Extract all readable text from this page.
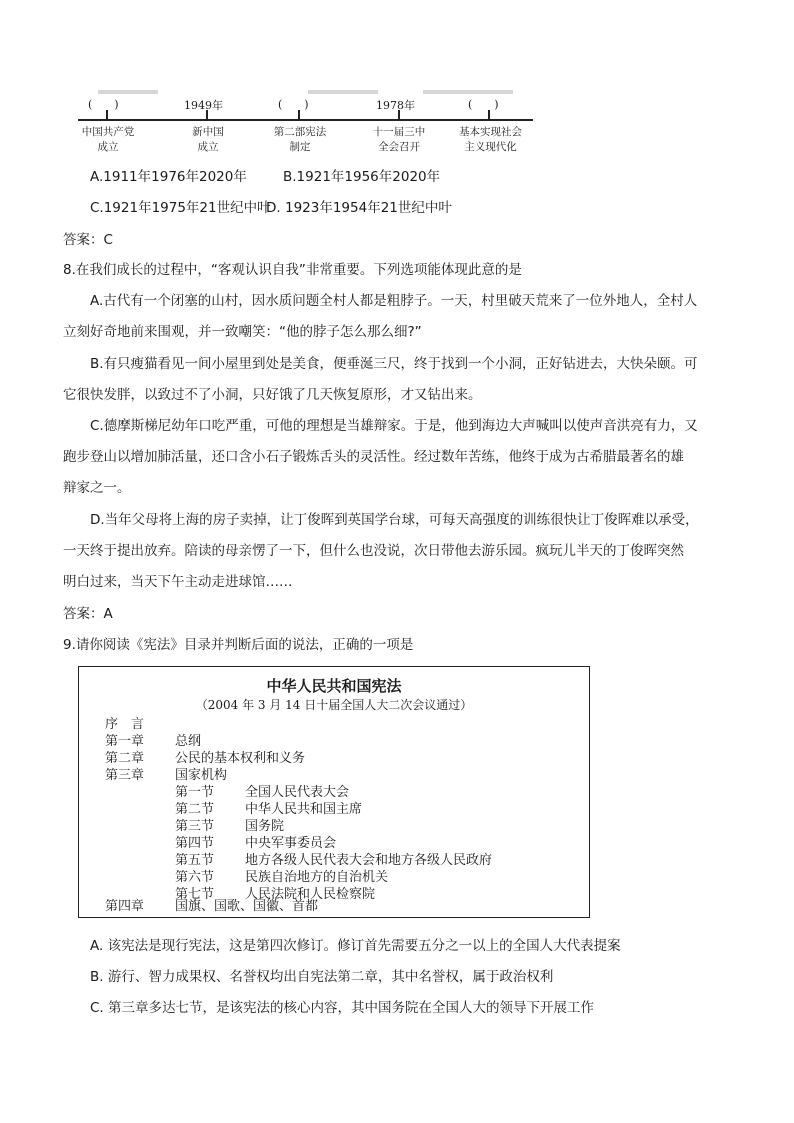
(　　)	1949年	(　　)	1978年	(　　)
中国共产党
成立
新中国
成立
第二部宪法
制定
十一届三中
全会召开
基本实现社会
主义现代化
A.1911年1976年2020年	B.1921年1956年2020年
C.1921年1975年21世纪中叶
D. 1923年1954年21世纪中叶
答案：C
8.在我们成长的过程中，“客观认识自我”非常重要。下列选项能体现此意的是
A.古代有一个闭塞的山村，因水质问题全村人都是粗脖子。一天，村里破天荒来了一位外地人，全村人
立刻好奇地前来围观，并一致嘲笑：“他的脖子怎么那么细?”
B.有只瘦猫看见一间小屋里到处是美食，便垂涎三尺，终于找到一个小洞，正好钻进去，大快朵颐。可
它很快发胖，以致过不了小洞，只好饿了几天恢复原形，才又钻出来。
C.德摩斯梯尼幼年口吃严重，可他的理想是当雄辩家。于是，他到海边大声喊叫以使声音洪亮有力，又
跑步登山以增加肺活量，还口含小石子锻炼舌头的灵活性。经过数年苦练，他终于成为古希腊最著名的雄
辩家之一。
D.当年父母将上海的房子卖掉，让丁俊晖到英国学台球，可每天高强度的训练很快让丁俊晖难以承受，
一天终于提出放弃。陪读的母亲愣了一下，但什么也没说，次日带他去游乐园。疯玩儿半天的丁俊晖突然
明白过来，当天下午主动走进球馆……
答案：A
9.请你阅读《宪法》目录并判断后面的说法，正确的一项是
中华人民共和国宪法
（2004 年 3 月 14 日十届全国人大二次会议通过）
序　言
第一章 总纲
第二章 公民的基本权利和义务
第三章 国家机构
第一节 全国人民代表大会
第二节 中华人民共和国主席
第三节 国务院
第四节 中央军事委员会
第五节 地方各级人民代表大会和地方各级人民政府
第六节 民族自治地方的自治机关
第七节 人民法院和人民检察院
第四章 国旗、国歌、国徽、首都
A. 该宪法是现行宪法，这是第四次修订。修订首先需要五分之一以上的全国人大代表提案
B. 游行、智力成果权、名誉权均出自宪法第二章，其中名誉权，属于政治权利
C. 第三章多达七节，是该宪法的核心内容，其中国务院在全国人大的领导下开展工作
